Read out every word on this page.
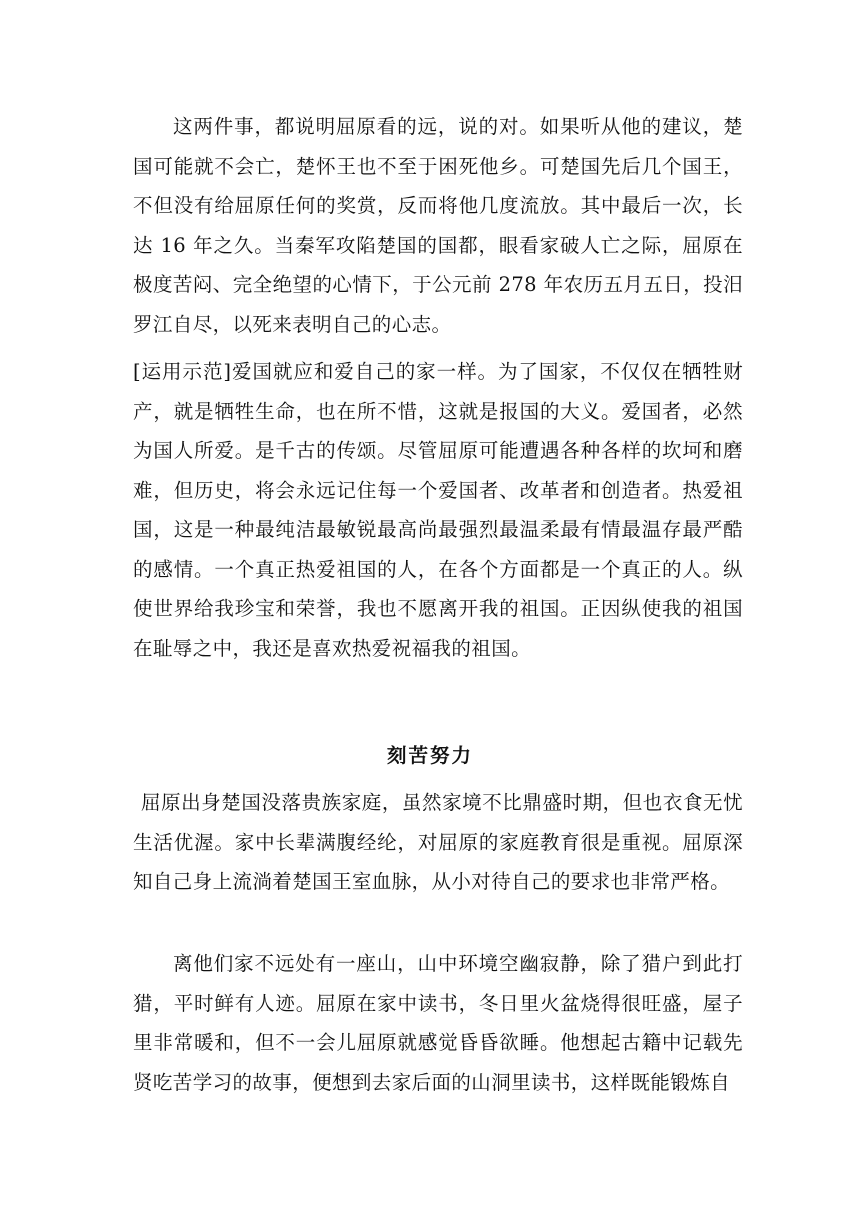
这两件事，都说明屈原看的远，说的对。如果听从他的建议，楚国可能就不会亡，楚怀王也不至于困死他乡。可楚国先后几个国王，不但没有给屈原任何的奖赏，反而将他几度流放。其中最后一次，长达 16 年之久。当秦军攻陷楚国的国都，眼看家破人亡之际，屈原在极度苦闷、完全绝望的心情下，于公元前 278 年农历五月五日，投汨罗江自尽，以死来表明自己的心志。

[运用示范]爱国就应和爱自己的家一样。为了国家，不仅仅在牺牲财产，就是牺牲生命，也在所不惜，这就是报国的大义。爱国者，必然为国人所爱。是千古的传颂。尽管屈原可能遭遇各种各样的坎坷和磨难，但历史，将会永远记住每一个爱国者、改革者和创造者。热爱祖国，这是一种最纯洁最敏锐最高尚最强烈最温柔最有情最温存最严酷的感情。一个真正热爱祖国的人，在各个方面都是一个真正的人。纵使世界给我珍宝和荣誉，我也不愿离开我的祖国。正因纵使我的祖国在耻辱之中，我还是喜欢热爱祝福我的祖国。

刻苦努力

屈原出身楚国没落贵族家庭，虽然家境不比鼎盛时期，但也衣食无忧生活优渥。家中长辈满腹经纶，对屈原的家庭教育很是重视。屈原深知自己身上流淌着楚国王室血脉，从小对待自己的要求也非常严格。

离他们家不远处有一座山，山中环境空幽寂静，除了猎户到此打猎，平时鲜有人迹。屈原在家中读书，冬日里火盆烧得很旺盛，屋子里非常暖和，但不一会儿屈原就感觉昏昏欲睡。他想起古籍中记载先贤吃苦学习的故事，便想到去家后面的山洞里读书，这样既能锻炼自
